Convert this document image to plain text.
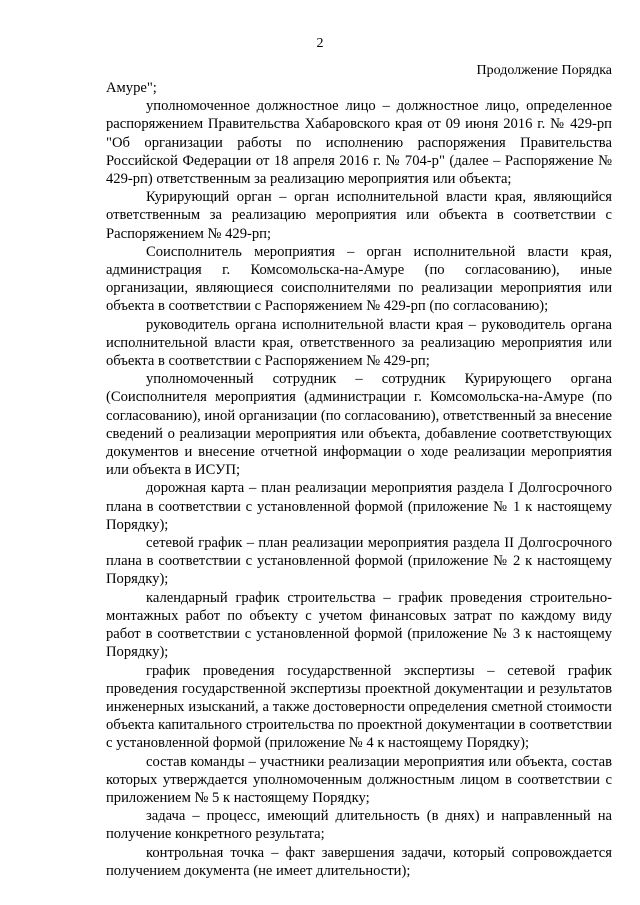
2
Продолжение Порядка

Амуре";

уполномоченное должностное лицо – должностное лицо, определенное распоряжением Правительства Хабаровского края от 09 июня 2016 г. № 429-рп "Об организации работы по исполнению распоряжения Правительства Российской Федерации от 18 апреля 2016 г. № 704-р" (далее – Распоряжение № 429-рп) ответственным за реализацию мероприятия или объекта;

Курирующий орган – орган исполнительной власти края, являющийся ответственным за реализацию мероприятия или объекта в соответствии с Распоряжением № 429-рп;

Соисполнитель мероприятия – орган исполнительной власти края, администрация г. Комсомольска-на-Амуре (по согласованию), иные организации, являющиеся соисполнителями по реализации мероприятия или объекта в соответствии с Распоряжением № 429-рп (по согласованию);

руководитель органа исполнительной власти края – руководитель органа исполнительной власти края, ответственного за реализацию мероприятия или объекта в соответствии с Распоряжением № 429-рп;

уполномоченный сотрудник – сотрудник Курирующего органа (Соисполнителя мероприятия (администрации г. Комсомольска-на-Амуре (по согласованию), иной организации (по согласованию), ответственный за внесение сведений о реализации мероприятия или объекта, добавление соответствующих документов и внесение отчетной информации о ходе реализации мероприятия или объекта в ИСУП;

дорожная карта – план реализации мероприятия раздела I Долгосрочного плана в соответствии с установленной формой (приложение № 1 к настоящему Порядку);

сетевой график – план реализации мероприятия раздела II Долгосрочного плана в соответствии с установленной формой (приложение № 2 к настоящему Порядку);

календарный график строительства – график проведения строительно-монтажных работ по объекту с учетом финансовых затрат по каждому виду работ в соответствии с установленной формой (приложение № 3 к настоящему Порядку);

график проведения государственной экспертизы – сетевой график проведения государственной экспертизы проектной документации и результатов инженерных изысканий, а также достоверности определения сметной стоимости объекта капитального строительства по проектной документации в соответствии с установленной формой (приложение № 4 к настоящему Порядку);

состав команды – участники реализации мероприятия или объекта, состав которых утверждается уполномоченным должностным лицом в соответствии с приложением № 5 к настоящему Порядку;

задача – процесс, имеющий длительность (в днях) и направленный на получение конкретного результата;

контрольная точка – факт завершения задачи, который сопровождается получением документа (не имеет длительности);
